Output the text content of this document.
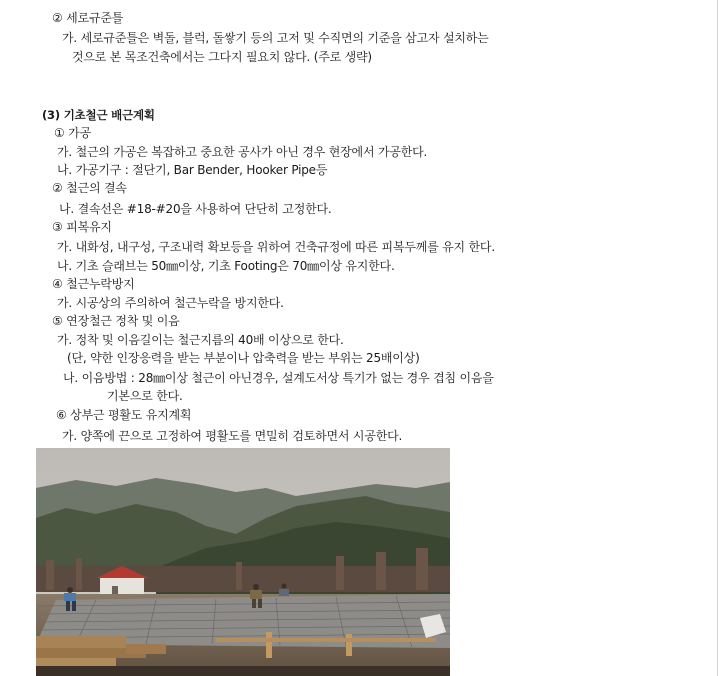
② 세로규준틀
가. 세로규준틀은 벽돌, 블럭, 돌쌓기 등의 고저 및 수직면의 기준을 삼고자 설치하는
것으로 본 목조건축에서는 그다지 필요치 않다. (주로 생략)
(3) 기초철근 배근계획
① 가공
가. 철근의 가공은 복잡하고 중요한 공사가 아닌 경우 현장에서 가공한다.
나. 가공기구 : 절단기, Bar Bender, Hooker Pipe등
② 철근의 결속
나. 결속선은 #18-#20을 사용하여 단단히 고정한다.
③ 피복유지
가. 내화성, 내구성, 구조내력 확보등을 위하여 건축규정에 따른 피복두께를 유지 한다.
나. 기초 슬래브는 50㎜이상, 기초 Footing은 70㎜이상 유지한다.
④ 철근누락방지
가. 시공상의 주의하여 철근누락을 방지한다.
⑤ 연장철근 정착 및 이음
가. 정착 및 이음길이는 철근지름의 40배 이상으로 한다.
(단, 약한 인장응력을 받는 부분이나 압축력을 받는 부위는 25배이상)
나. 이음방법 : 28㎜이상 철근이 아닌경우, 설계도서상 특기가 없는 경우 겹침 이음을
기본으로 한다.
⑥ 상부근 평활도 유지계획
가. 양쪽에 끈으로 고정하여 평활도를 면밀히 검토하면서 시공한다.
